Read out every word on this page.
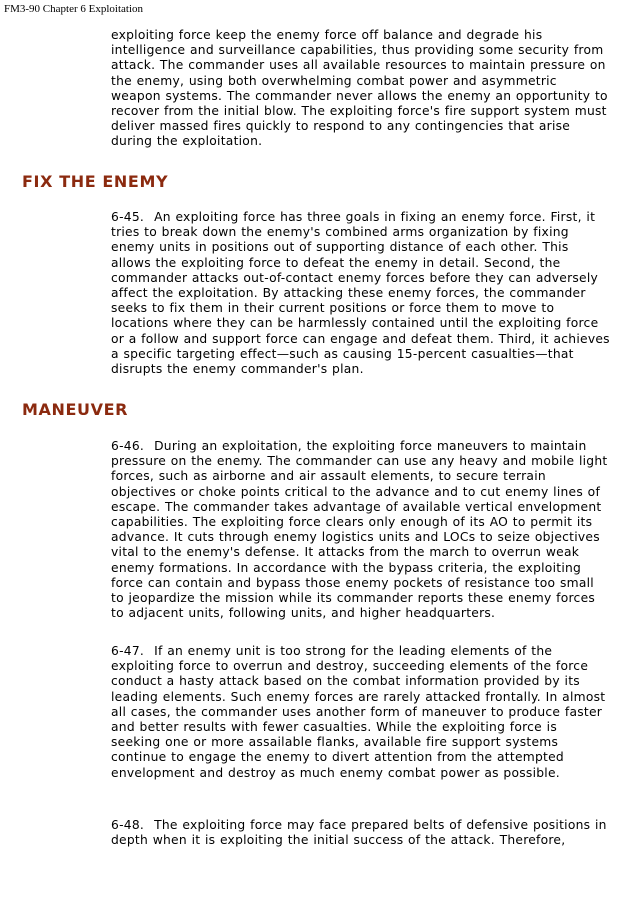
FM3-90 Chapter 6 Exploitation

exploiting force keep the enemy force off balance and degrade his intelligence and surveillance capabilities, thus providing some security from attack. The commander uses all available resources to maintain pressure on the enemy, using both overwhelming combat power and asymmetric weapon systems. The commander never allows the enemy an opportunity to recover from the initial blow. The exploiting force's fire support system must deliver massed fires quickly to respond to any contingencies that arise during the exploitation.

FIX THE ENEMY

6-45. An exploiting force has three goals in fixing an enemy force. First, it tries to break down the enemy's combined arms organization by fixing enemy units in positions out of supporting distance of each other. This allows the exploiting force to defeat the enemy in detail. Second, the commander attacks out-of-contact enemy forces before they can adversely affect the exploitation. By attacking these enemy forces, the commander seeks to fix them in their current positions or force them to move to locations where they can be harmlessly contained until the exploiting force or a follow and support force can engage and defeat them. Third, it achieves a specific targeting effect—such as causing 15-percent casualties—that disrupts the enemy commander's plan.

MANEUVER

6-46. During an exploitation, the exploiting force maneuvers to maintain pressure on the enemy. The commander can use any heavy and mobile light forces, such as airborne and air assault elements, to secure terrain objectives or choke points critical to the advance and to cut enemy lines of escape. The commander takes advantage of available vertical envelopment capabilities. The exploiting force clears only enough of its AO to permit its advance. It cuts through enemy logistics units and LOCs to seize objectives vital to the enemy's defense. It attacks from the march to overrun weak enemy formations. In accordance with the bypass criteria, the exploiting force can contain and bypass those enemy pockets of resistance too small to jeopardize the mission while its commander reports these enemy forces to adjacent units, following units, and higher headquarters.

6-47. If an enemy unit is too strong for the leading elements of the exploiting force to overrun and destroy, succeeding elements of the force conduct a hasty attack based on the combat information provided by its leading elements. Such enemy forces are rarely attacked frontally. In almost all cases, the commander uses another form of maneuver to produce faster and better results with fewer casualties. While the exploiting force is seeking one or more assailable flanks, available fire support systems continue to engage the enemy to divert attention from the attempted envelopment and destroy as much enemy combat power as possible.

6-48. The exploiting force may face prepared belts of defensive positions in depth when it is exploiting the initial success of the attack. Therefore,
